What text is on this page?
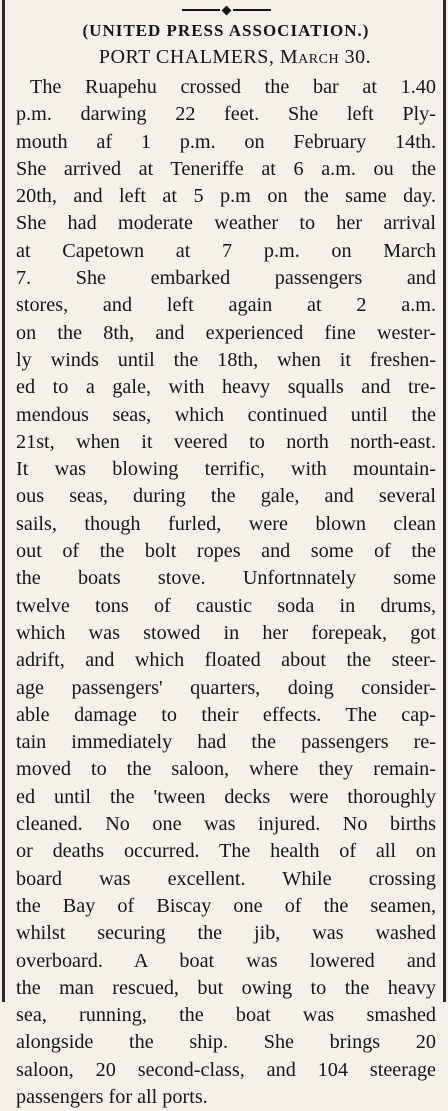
(UNITED PRESS ASSOCIATION.)
PORT CHALMERS, March 30.
The Ruapehu crossed the bar at 1.40
p.m. darwing 22 feet. She left Ply-
mouth af 1 p.m. on February 14th.
She arrived at Teneriffe at 6 a.m. ou the
20th, and left at 5 p.m on the same day.
She had moderate weather to her arrival
at Capetown at 7 p.m. on March
7. She embarked passengers and
stores, and left again at 2 a.m.
on the 8th, and experienced fine wester-
ly winds until the 18th, when it freshen-
ed to a gale, with heavy squalls and tre-
mendous seas, which continued until the
21st, when it veered to north north-east.
It was blowing terrific, with mountain-
ous seas, during the gale, and several
sails, though furled, were blown clean
out of the bolt ropes and some of the
the boats stove. Unfortnnately some
twelve tons of caustic soda in drums,
which was stowed in her forepeak, got
adrift, and which floated about the steer-
age passengers' quarters, doing consider-
able damage to their effects. The cap-
tain immediately had the passengers re-
moved to the saloon, where they remain-
ed until the 'tween decks were thoroughly
cleaned. No one was injured. No births
or deaths occurred. The health of all on
board was excellent. While crossing
the Bay of Biscay one of the seamen,
whilst securing the jib, was washed
overboard. A boat was lowered and
the man rescued, but owing to the heavy
sea, running, the boat was smashed
alongside the ship. She brings 20
saloon, 20 second-class, and 104 steerage
passengers for all ports.
